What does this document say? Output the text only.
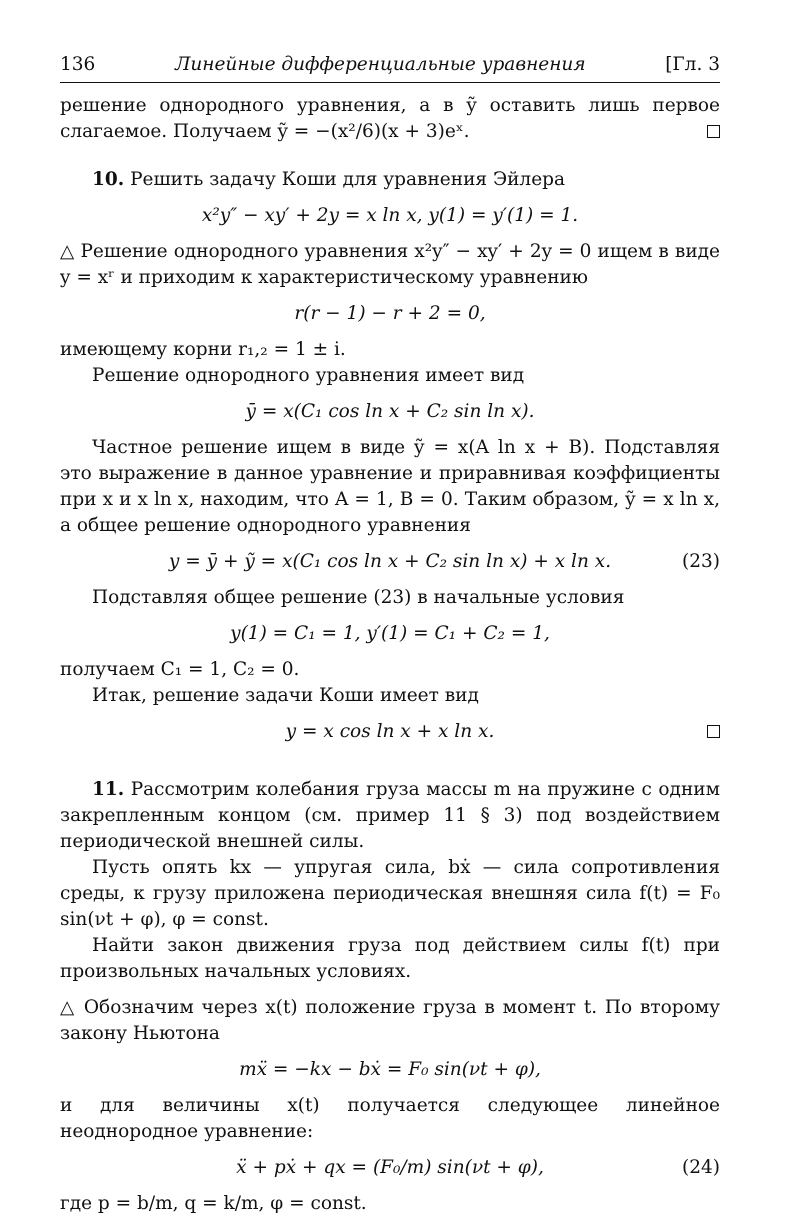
136	Линейные дифференциальные уравнения	[Гл. 3

решение однородного уравнения, а в ỹ оставить лишь первое слагаемое. Получаем ỹ = −(x²/6)(x + 3)eˣ.

10. Решить задачу Коши для уравнения Эйлера

x²y″ − xy′ + 2y = x ln x, y(1) = y′(1) = 1.

△ Решение однородного уравнения x²y″ − xy′ + 2y = 0 ищем в виде y = xʳ и приходим к характеристическому уравнению

r(r − 1) − r + 2 = 0,

имеющему корни r₁,₂ = 1 ± i.

Решение однородного уравнения имеет вид

ȳ = x(C₁ cos ln x + C₂ sin ln x).

Частное решение ищем в виде ỹ = x(A ln x + B). Подставляя это выражение в данное уравнение и приравнивая коэффициенты при x и x ln x, находим, что A = 1, B = 0. Таким образом, ỹ = x ln x, а общее решение однородного уравнения

y = ȳ + ỹ = x(C₁ cos ln x + C₂ sin ln x) + x ln x.	(23)

Подставляя общее решение (23) в начальные условия

y(1) = C₁ = 1, y′(1) = C₁ + C₂ = 1,

получаем C₁ = 1, C₂ = 0.

Итак, решение задачи Коши имеет вид

y = x cos ln x + x ln x.

11. Рассмотрим колебания груза массы m на пружине с одним закрепленным концом (см. пример 11 § 3) под воздействием периодической внешней силы.

Пусть опять kx — упругая сила, bẋ — сила сопротивления среды, к грузу приложена периодическая внешняя сила f(t) = F₀ sin(νt + φ), φ = const.

Найти закон движения груза под действием силы f(t) при произвольных начальных условиях.

△ Обозначим через x(t) положение груза в момент t. По второму закону Ньютона

mẍ = −kx − bẋ = F₀ sin(νt + φ),

и для величины x(t) получается следующее линейное неоднородное уравнение:

ẍ + pẋ + qx = (F₀/m) sin(νt + φ),	(24)

где p = b/m, q = k/m, φ = const.
